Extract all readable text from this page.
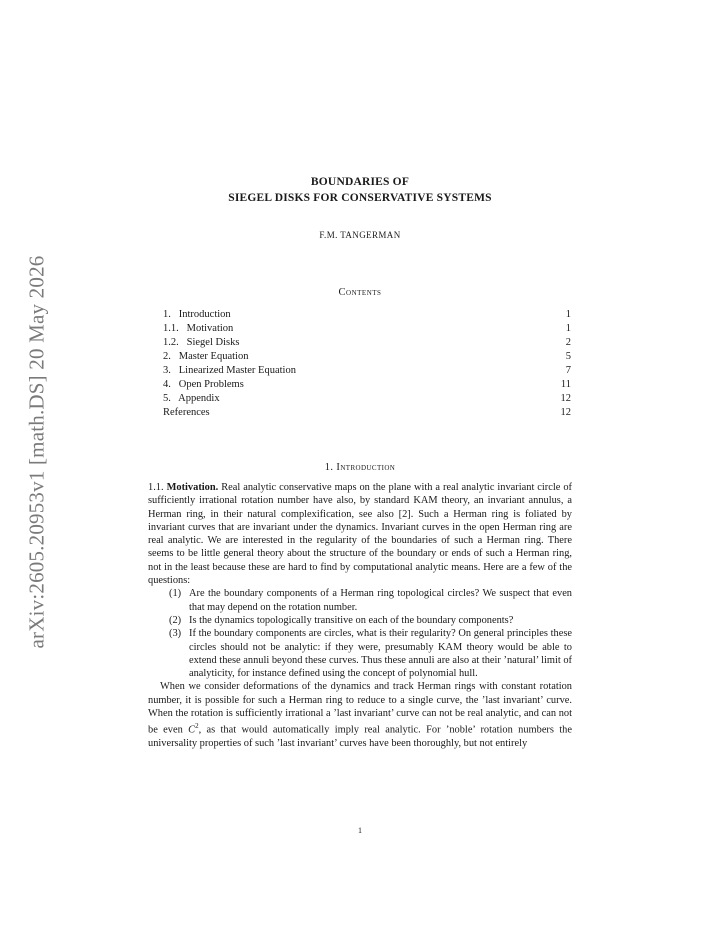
arXiv:2605.20953v1 [math.DS] 20 May 2026
BOUNDARIES OF
SIEGEL DISKS FOR CONSERVATIVE SYSTEMS
F.M. TANGERMAN
Contents
1.   Introduction	1
1.1.   Motivation	1
1.2.   Siegel Disks	2
2.   Master Equation	5
3.   Linearized Master Equation	7
4.   Open Problems	11
5.   Appendix	12
References	12
1. Introduction

1.1. Motivation. Real analytic conservative maps on the plane with a real analytic invariant circle of sufficiently irrational rotation number have also, by standard KAM theory, an invariant annulus, a Herman ring, in their natural complexification, see also [2]. Such a Herman ring is foliated by invariant curves that are invariant under the dynamics. Invariant curves in the open Herman ring are real analytic. We are interested in the regularity of the boundaries of such a Herman ring. There seems to be little general theory about the structure of the boundary or ends of such a Herman ring, not in the least because these are hard to find by computational analytic means. Here are a few of the questions:

(1) Are the boundary components of a Herman ring topological circles? We suspect that even that may depend on the rotation number.
(2) Is the dynamics topologically transitive on each of the boundary components?
(3) If the boundary components are circles, what is their regularity? On general principles these circles should not be analytic: if they were, presumably KAM theory would be able to extend these annuli beyond these curves. Thus these annuli are also at their ’natural’ limit of analyticity, for instance defined using the concept of polynomial hull.

When we consider deformations of the dynamics and track Herman rings with constant rotation number, it is possible for such a Herman ring to reduce to a single curve, the ’last invariant’ curve. When the rotation is sufficiently irrational a ’last invariant’ curve can not be real analytic, and can not be even $C^2$, as that would automatically imply real analytic. For ’noble’ rotation numbers the universality properties of such ’last invariant’ curves have been thoroughly, but not entirely

1
